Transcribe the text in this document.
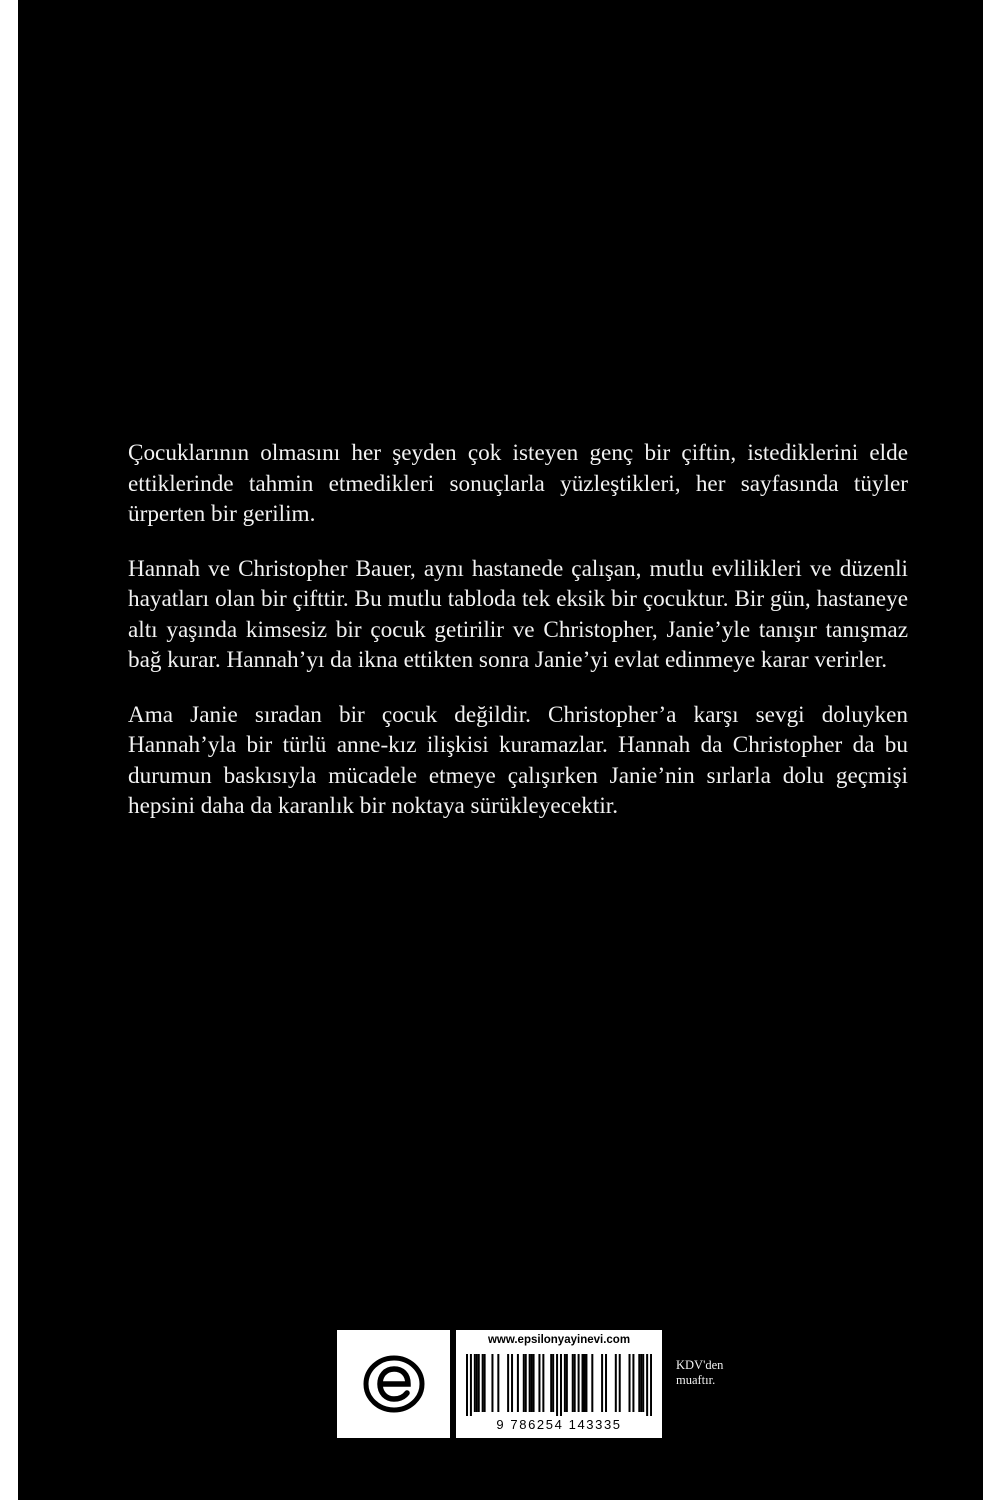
Çocuklarının olmasını her şeyden çok isteyen genç bir çiftin, istediklerini elde ettiklerinde tahmin etmedikleri sonuçlarla yüzleştikleri, her sayfasında tüyler ürperten bir gerilim.

Hannah ve Christopher Bauer, aynı hastanede çalışan, mutlu evlilikleri ve düzenli hayatları olan bir çifttir. Bu mutlu tabloda tek eksik bir çocuktur. Bir gün, hastaneye altı yaşında kimsesiz bir çocuk getirilir ve Christopher, Janie’yle tanışır tanışmaz bağ kurar. Hannah’yı da ikna ettikten sonra Janie’yi evlat edinmeye karar verirler.

Ama Janie sıradan bir çocuk değildir. Christopher’a karşı sevgi doluyken Hannah’yla bir türlü anne-kız ilişkisi kuramazlar. Hannah da Christopher da bu durumun baskısıyla mücadele etmeye çalışırken Janie’nin sırlarla dolu geçmişi hepsini daha da karanlık bir noktaya sürükleyecektir.

www.epsilonyayinevi.com
9 786254 143335
KDV'den
muaftır.
